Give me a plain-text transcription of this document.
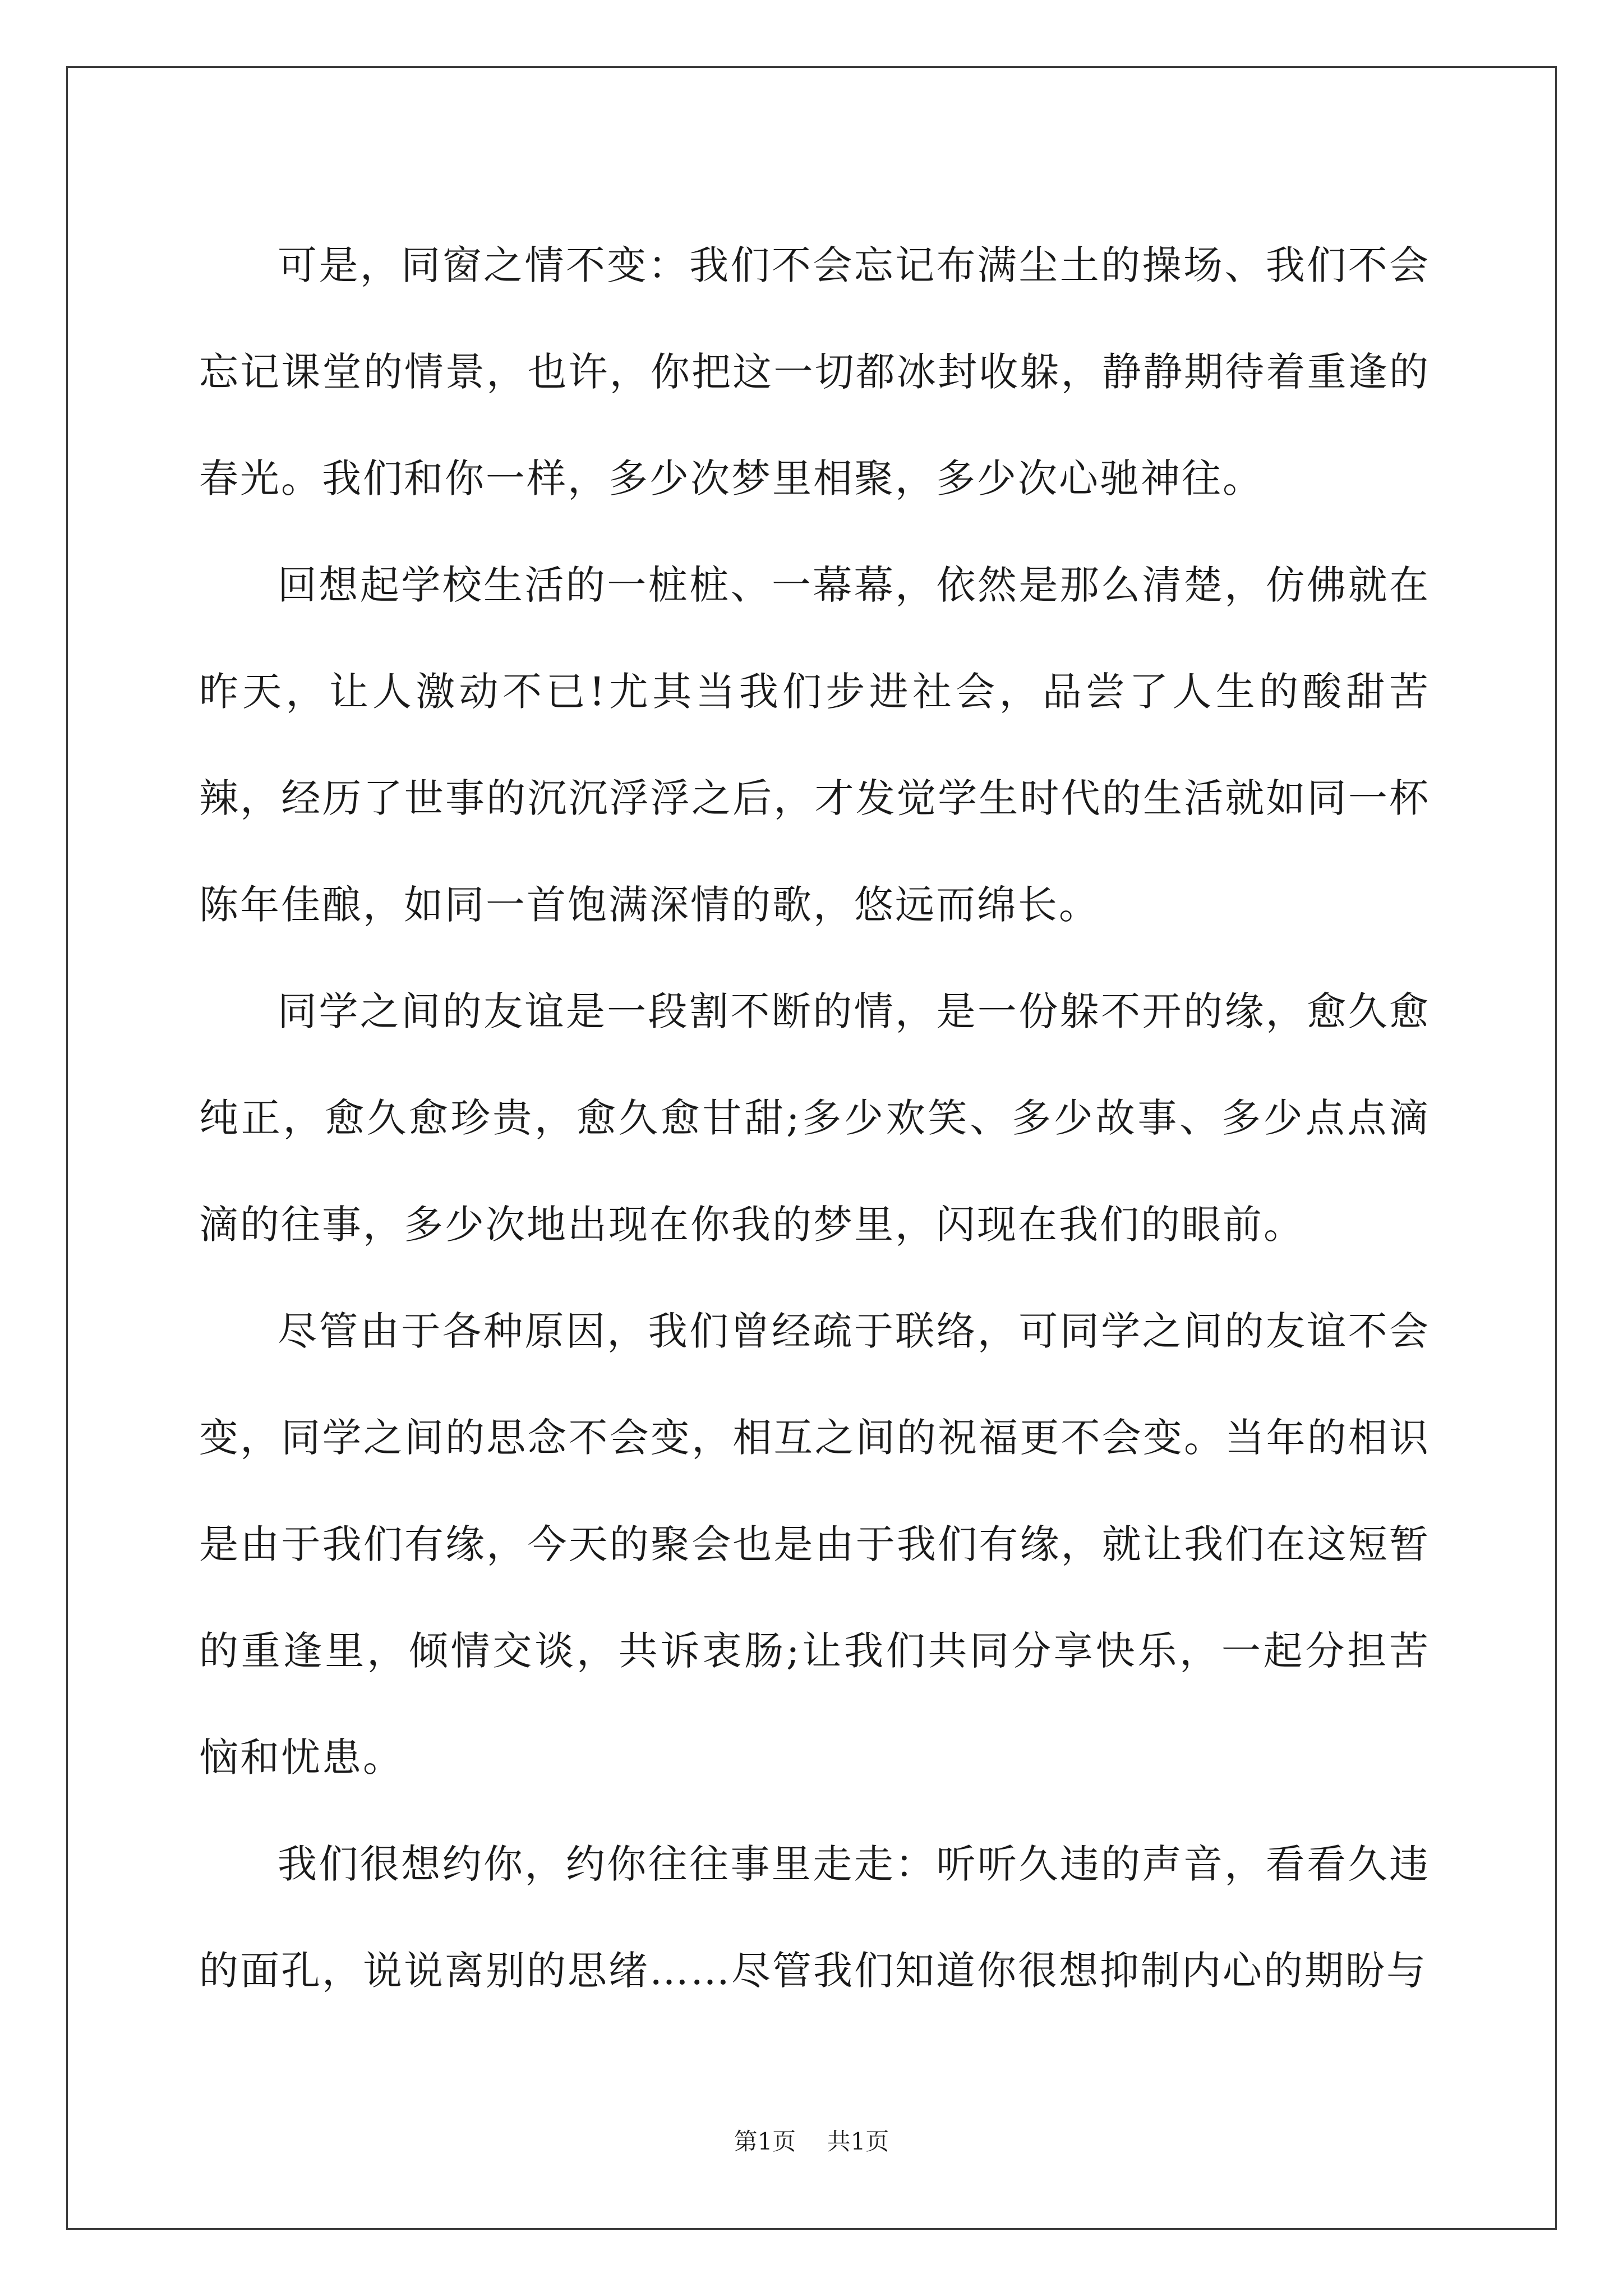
可是，同窗之情不变：我们不会忘记布满尘土的操场、我们不会忘记课堂的情景，也许，你把这一切都冰封收躲，静静期待着重逢的春光。我们和你一样，多少次梦里相聚，多少次心驰神往。

回想起学校生活的一桩桩、一幕幕，依然是那么清楚，仿佛就在昨天，让人激动不已!尤其当我们步进社会，品尝了人生的酸甜苦辣，经历了世事的沉沉浮浮之后，才发觉学生时代的生活就如同一杯陈年佳酿，如同一首饱满深情的歌，悠远而绵长。

同学之间的友谊是一段割不断的情，是一份躲不开的缘，愈久愈纯正，愈久愈珍贵，愈久愈甘甜;多少欢笑、多少故事、多少点点滴滴的往事，多少次地出现在你我的梦里，闪现在我们的眼前。

尽管由于各种原因，我们曾经疏于联络，可同学之间的友谊不会变，同学之间的思念不会变，相互之间的祝福更不会变。当年的相识是由于我们有缘，今天的聚会也是由于我们有缘，就让我们在这短暂的重逢里，倾情交谈，共诉衷肠;让我们共同分享快乐，一起分担苦恼和忧患。

我们很想约你，约你往往事里走走：听听久违的声音，看看久违的面孔，说说离别的思绪……尽管我们知道你很想抑制内心的期盼与

第1页 共1页
